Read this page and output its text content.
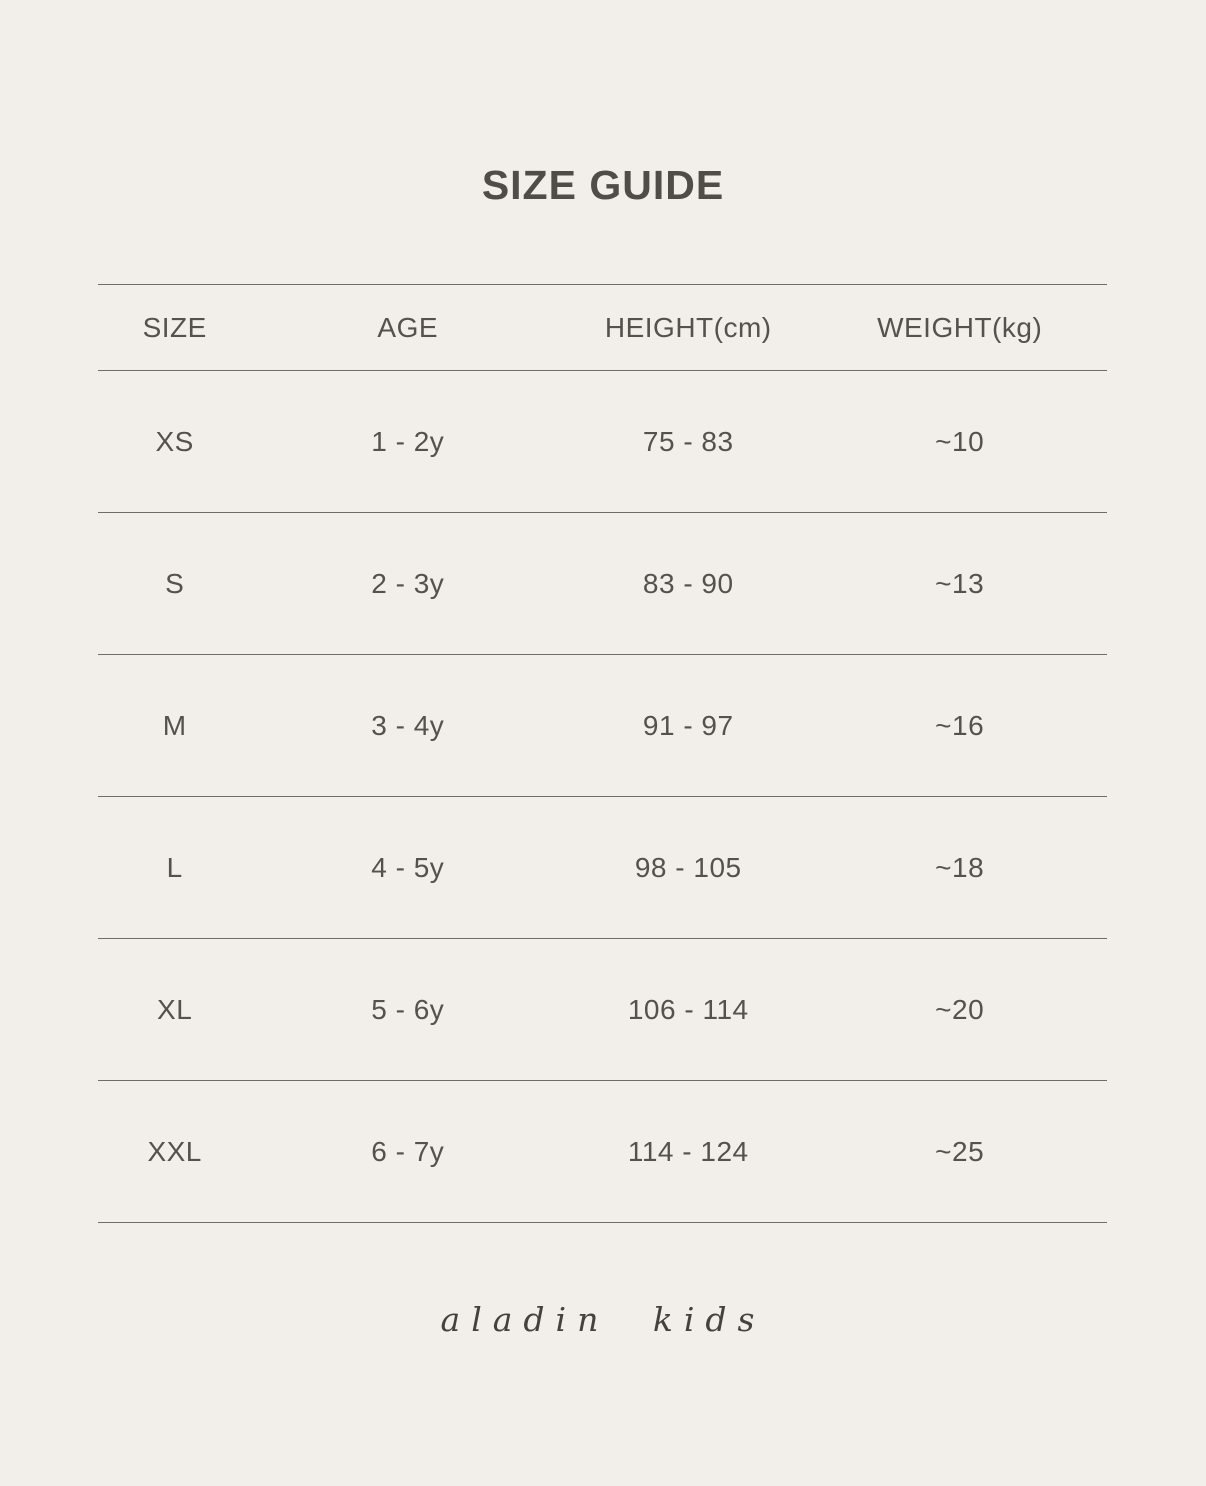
SIZE GUIDE
SIZE	AGE	HEIGHT(cm)	WEIGHT(kg)
XS	1 - 2y	75 - 83	~10
S	2 - 3y	83 - 90	~13
M	3 - 4y	91 - 97	~16
L	4 - 5y	98 - 105	~18
XL	5 - 6y	106 - 114	~20
XXL	6 - 7y	114 - 124	~25
aladin kids
